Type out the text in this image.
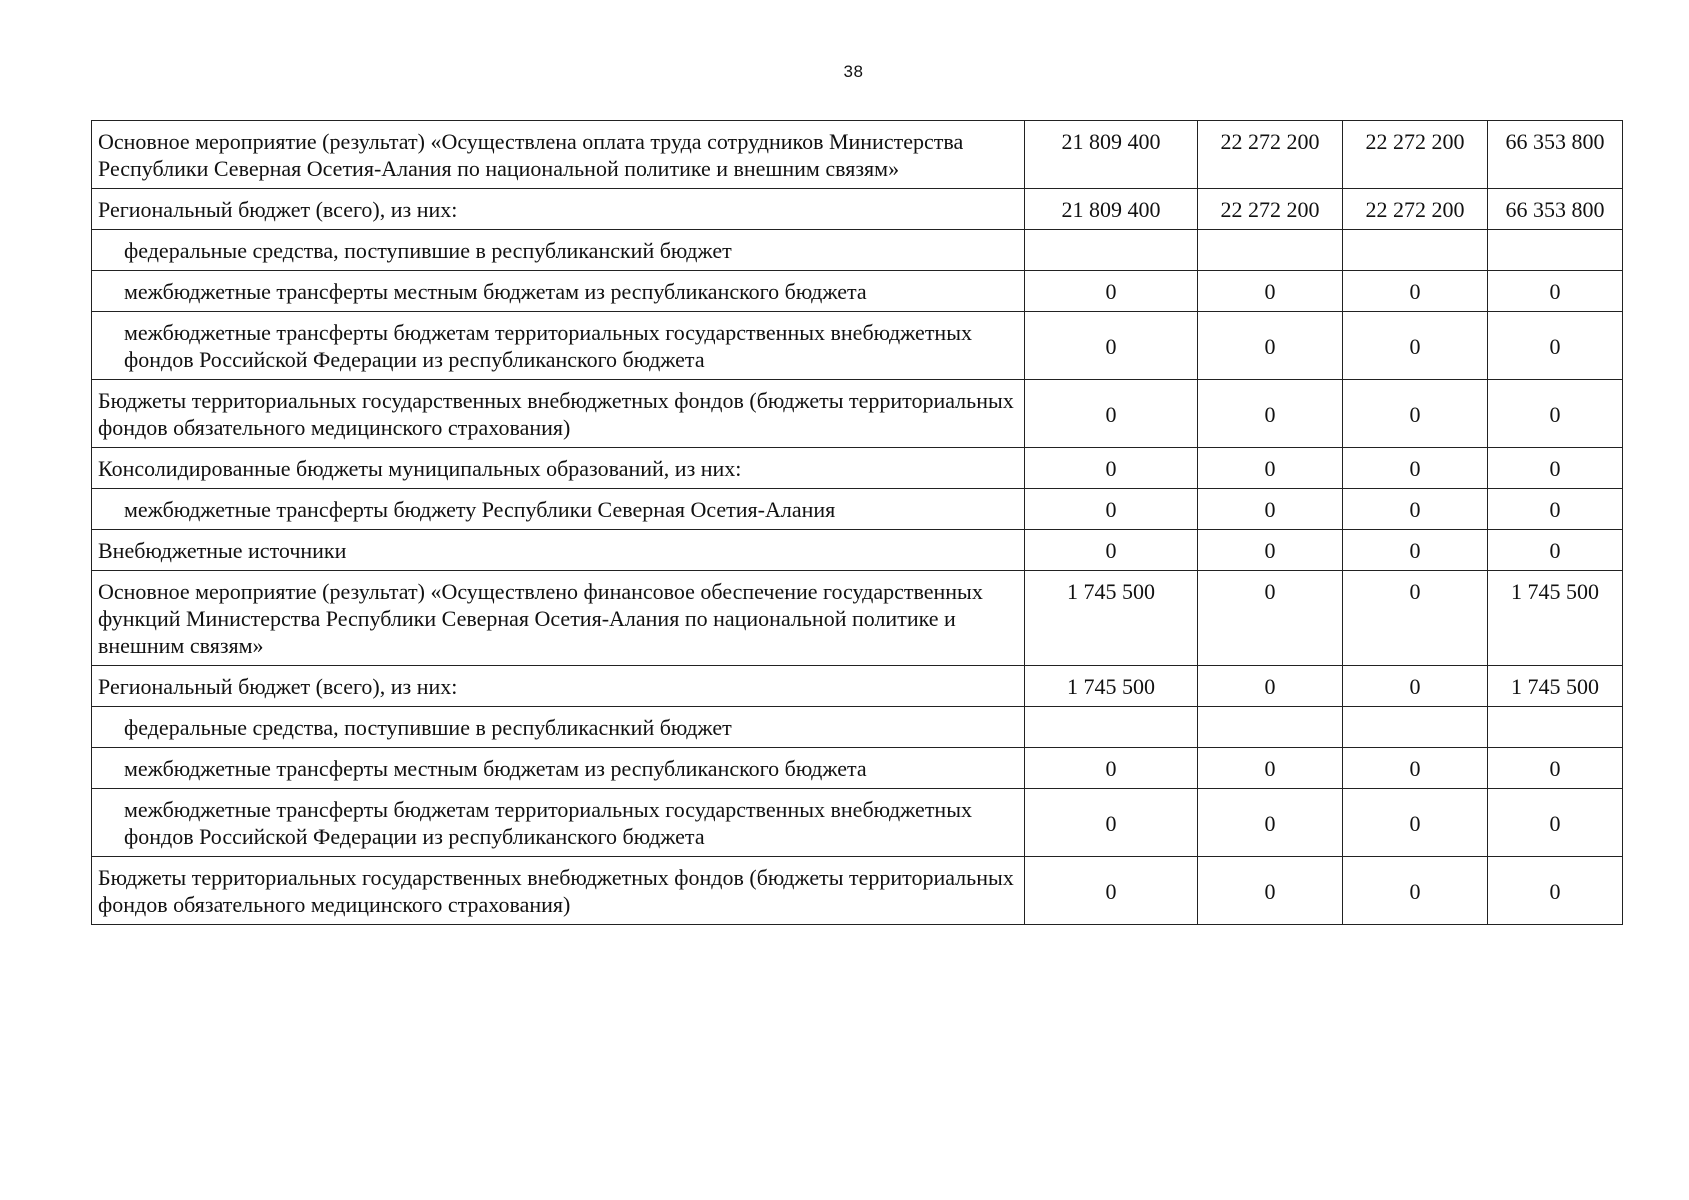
38
Основное мероприятие (результат) «Осуществлена оплата труда сотрудников Министерства Республики Северная Осетия-Алания по национальной политике и внешним связям»	21 809 400	22 272 200	22 272 200	66 353 800
Региональный бюджет (всего), из них:	21 809 400	22 272 200	22 272 200	66 353 800
федеральные средства, поступившие в республиканский бюджет				
межбюджетные трансферты местным бюджетам из республиканского бюджета	0	0	0	0
межбюджетные трансферты бюджетам территориальных государственных внебюджетных фондов Российской Федерации из республиканского бюджета	0	0	0	0
Бюджеты территориальных государственных внебюджетных фондов (бюджеты территориальных фондов обязательного медицинского страхования)	0	0	0	0
Консолидированные бюджеты муниципальных образований, из них:	0	0	0	0
межбюджетные трансферты бюджету Республики Северная Осетия-Алания	0	0	0	0
Внебюджетные источники	0	0	0	0
Основное мероприятие (результат) «Осуществлено финансовое обеспечение государственных функций Министерства Республики Северная Осетия-Алания по национальной политике и внешним связям»	1 745 500	0	0	1 745 500
Региональный бюджет (всего), из них:	1 745 500	0	0	1 745 500
федеральные средства, поступившие в республикаснкий бюджет				
межбюджетные трансферты местным бюджетам из республиканского бюджета	0	0	0	0
межбюджетные трансферты бюджетам территориальных государственных внебюджетных фондов Российской Федерации из республиканского бюджета	0	0	0	0
Бюджеты территориальных государственных внебюджетных фондов (бюджеты территориальных фондов обязательного медицинского страхования)	0	0	0	0
